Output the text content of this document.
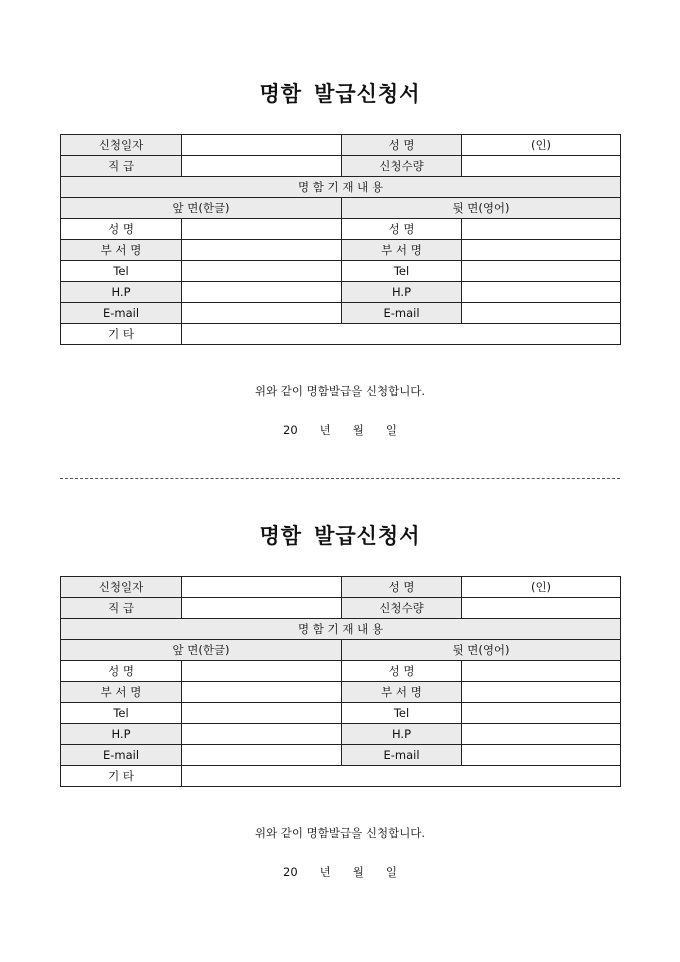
명함 발급신청서
신청일자		성 명	(인)
직 급		신청수량	
명 함 기 재 내 용			
앞 면(한글)		뒷 면(영어)	
성 명		성 명	
부 서 명		부 서 명	
Tel		Tel	
H.P		H.P	
E-mail		E-mail	
기 타			
위와 같이 명함발급을 신청합니다.
20 년 월 일
명함 발급신청서
신청일자		성 명	(인)
직 급		신청수량	
명 함 기 재 내 용			
앞 면(한글)		뒷 면(영어)	
성 명		성 명	
부 서 명		부 서 명	
Tel		Tel	
H.P		H.P	
E-mail		E-mail	
기 타			
위와 같이 명함발급을 신청합니다.
20 년 월 일
